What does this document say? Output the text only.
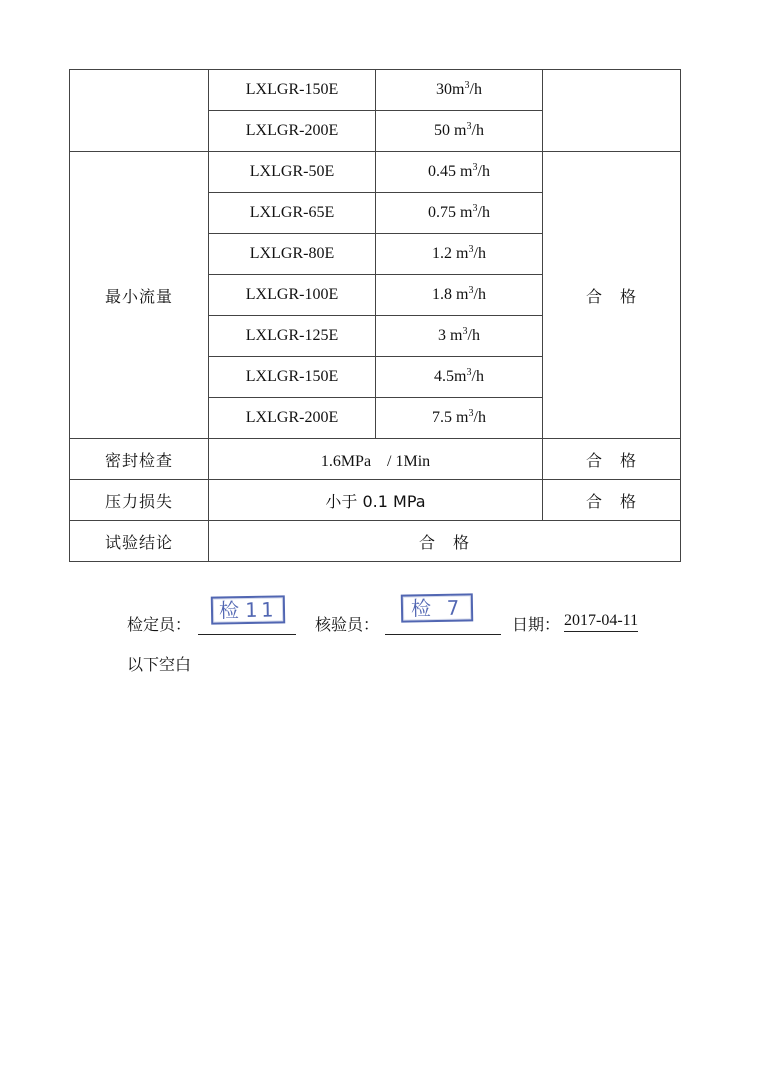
	LXLGR-150E	$30m^3/h$	
	LXLGR-200E	50 $m^3/h$	
最小流量	LXLGR-50E	0.45 $m^3/h$	合　格
	LXLGR-65E	0.75 $m^3/h$	
	LXLGR-80E	1.2 $m^3/h$	
	LXLGR-100E	1.8 $m^3/h$	
	LXLGR-125E	3 $m^3/h$	
	LXLGR-150E	$4.5m^3/h$	
	LXLGR-200E	7.5 $m^3/h$	
密封检查	1.6MPa　/ 1Min		合　格
压力损失	小于 0.1 MPa		合　格
试验结论	合　格		
检定员：
检 11
核验员：
检 7
日期： 2017-04-11
以下空白
